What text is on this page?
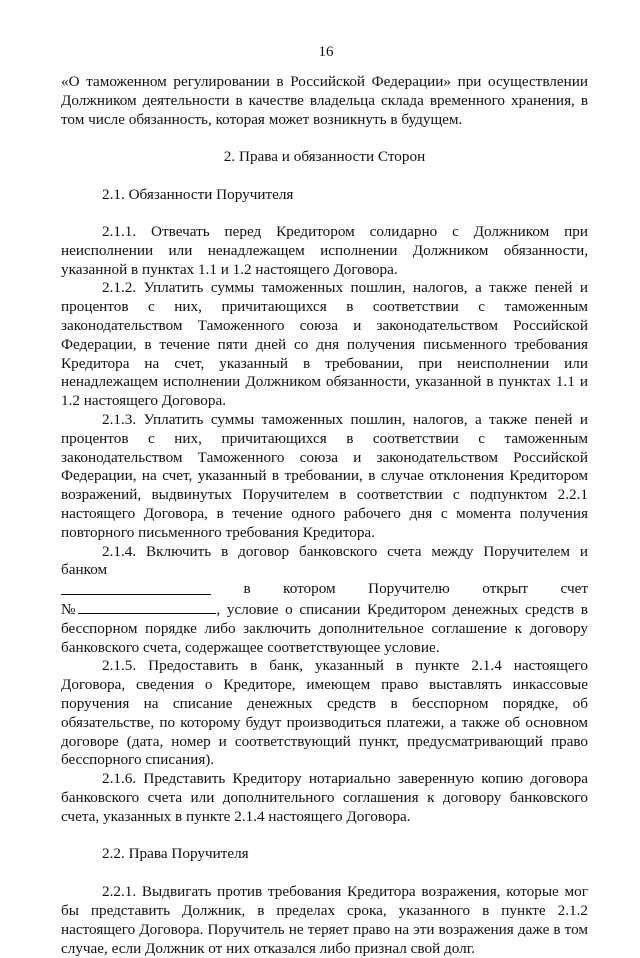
16

«О таможенном регулировании в Российской Федерации» при осуществлении Должником деятельности в качестве владельца склада временного хранения, в том числе обязанность, которая может возникнуть в будущем.

2. Права и обязанности Сторон

2.1. Обязанности Поручителя

2.1.1. Отвечать перед Кредитором солидарно с Должником при неисполнении или ненадлежащем исполнении Должником обязанности, указанной в пунктах 1.1 и 1.2 настоящего Договора.

2.1.2. Уплатить суммы таможенных пошлин, налогов, а также пеней и процентов с них, причитающихся в соответствии с таможенным законодательством Таможенного союза и законодательством Российской Федерации, в течение пяти дней со дня получения письменного требования Кредитора на счет, указанный в требовании, при неисполнении или ненадлежащем исполнении Должником обязанности, указанной в пунктах 1.1 и 1.2 настоящего Договора.

2.1.3. Уплатить суммы таможенных пошлин, налогов, а также пеней и процентов с них, причитающихся в соответствии с таможенным законодательством Таможенного союза и законодательством Российской Федерации, на счет, указанный в требовании, в случае отклонения Кредитором возражений, выдвинутых Поручителем в соответствии с подпунктом 2.2.1 настоящего Договора, в течение одного рабочего дня с момента получения повторного письменного требования Кредитора.

2.1.4. Включить в договор банковского счета между Поручителем и банком

в котором Поручителю открыт счет

№	, условие о списании Кредитором денежных средств в бесспорном порядке либо заключить дополнительное соглашение к договору банковского счета, содержащее соответствующее условие.

2.1.5. Предоставить в банк, указанный в пункте 2.1.4 настоящего Договора, сведения о Кредиторе, имеющем право выставлять инкассовые поручения на списание денежных средств в бесспорном порядке, об обязательстве, по которому будут производиться платежи, а также об основном договоре (дата, номер и соответствующий пункт, предусматривающий право бесспорного списания).

2.1.6. Представить Кредитору нотариально заверенную копию договора банковского счета или дополнительного соглашения к договору банковского счета, указанных в пункте 2.1.4 настоящего Договора.

2.2. Права Поручителя

2.2.1. Выдвигать против требования Кредитора возражения, которые мог бы представить Должник, в пределах срока, указанного в пункте 2.1.2 настоящего Договора. Поручитель не теряет право на эти возражения даже в том случае, если Должник от них отказался либо признал свой долг.
